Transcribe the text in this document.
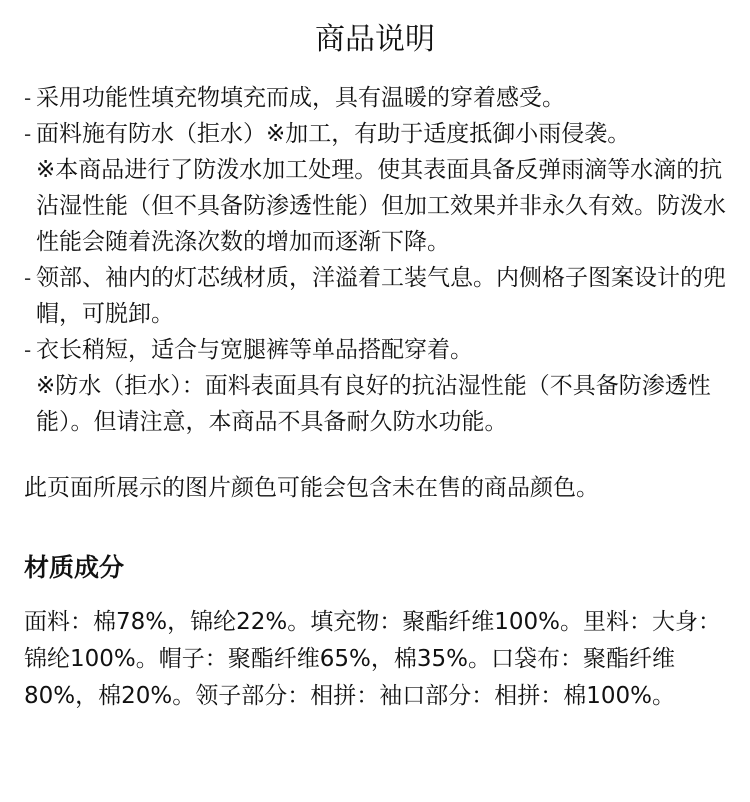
商品说明
- 采用功能性填充物填充而成，具有温暖的穿着感受。
- 面料施有防水（拒水）※加工，有助于适度抵御小雨侵袭。
※本商品进行了防泼水加工处理。使其表面具备反弹雨滴等水滴的抗沾湿性能（但不具备防渗透性能）但加工效果并非永久有效。防泼水性能会随着洗涤次数的增加而逐渐下降。
- 领部、袖内的灯芯绒材质，洋溢着工装气息。内侧格子图案设计的兜帽，可脱卸。
- 衣长稍短，适合与宽腿裤等单品搭配穿着。
※防水（拒水）：面料表面具有良好的抗沾湿性能（不具备防渗透性能）。但请注意，本商品不具备耐久防水功能。
此页面所展示的图片颜色可能会包含未在售的商品颜色。
材质成分
面料：棉78%，锦纶22%。填充物：聚酯纤维100%。里料：大身：锦纶100%。帽子：聚酯纤维65%，棉35%。口袋布：聚酯纤维80%，棉20%。领子部分：相拼：袖口部分：相拼：棉100%。
